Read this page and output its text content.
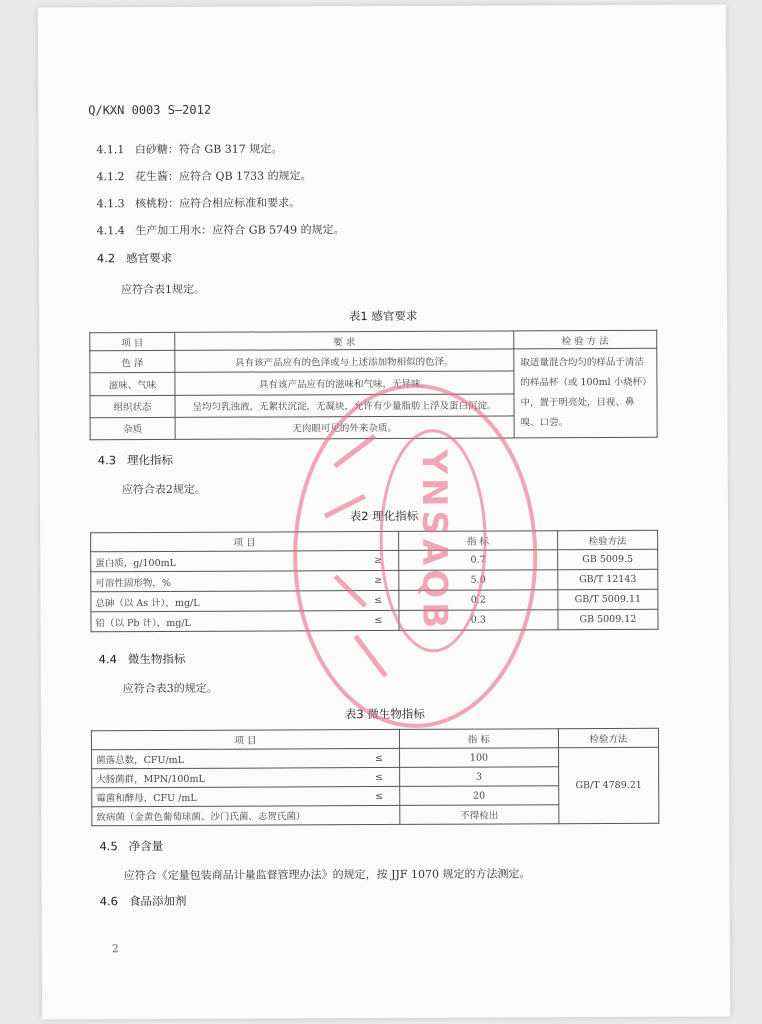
Q/KXN 0003 S—2012
4.1.1 白砂糖：符合 GB 317 规定。
4.1.2 花生酱：应符合 QB 1733 的规定。
4.1.3 核桃粉：应符合相应标准和要求。
4.1.4 生产加工用水：应符合 GB 5749 的规定。
4.2 感官要求
应符合表1规定。
表1 感官要求
项 目	要 求	检 验 方 法
色 泽	具有该产品应有的色泽或与上述添加物相似的色泽。	取适量混合均匀的样品于清洁的样品杯（或 100ml 小烧杯）中，置于明亮处，目视、鼻嗅、口尝。
滋味、气味	具有该产品应有的滋味和气味，无异味。	
组织状态	呈均匀乳浊液，无絮状沉淀，无凝块，允许有少量脂肪上浮及蛋白沉淀。	
杂质	无肉眼可见的外来杂质。	
4.3 理化指标
应符合表2规定。
表2 理化指标
项 目		指 标	检验方法
蛋白质，g/100mL	≥	0.7	GB 5009.5
可溶性固形物，%	≥	5.0	GB/T 12143
总砷（以 As 计），mg/L	≤	0.2	GB/T 5009.11
铅（以 Pb 计），mg/L	≤	0.3	GB 5009.12
4.4 微生物指标
应符合表3的规定。
表3 微生物指标
项 目		指 标	检验方法
菌落总数，CFU/mL	≤	100	GB/T 4789.21
大肠菌群，MPN/100mL	≤	3	
霉菌和酵母，CFU /mL	≤	20	
致病菌（金黄色葡萄球菌、沙门氏菌、志贺氏菌）		不得检出	
4.5 净含量
应符合《定量包装商品计量监督管理办法》的规定，按 JJF 1070 规定的方法测定。
4.6 食品添加剂
YNSAQB
2
